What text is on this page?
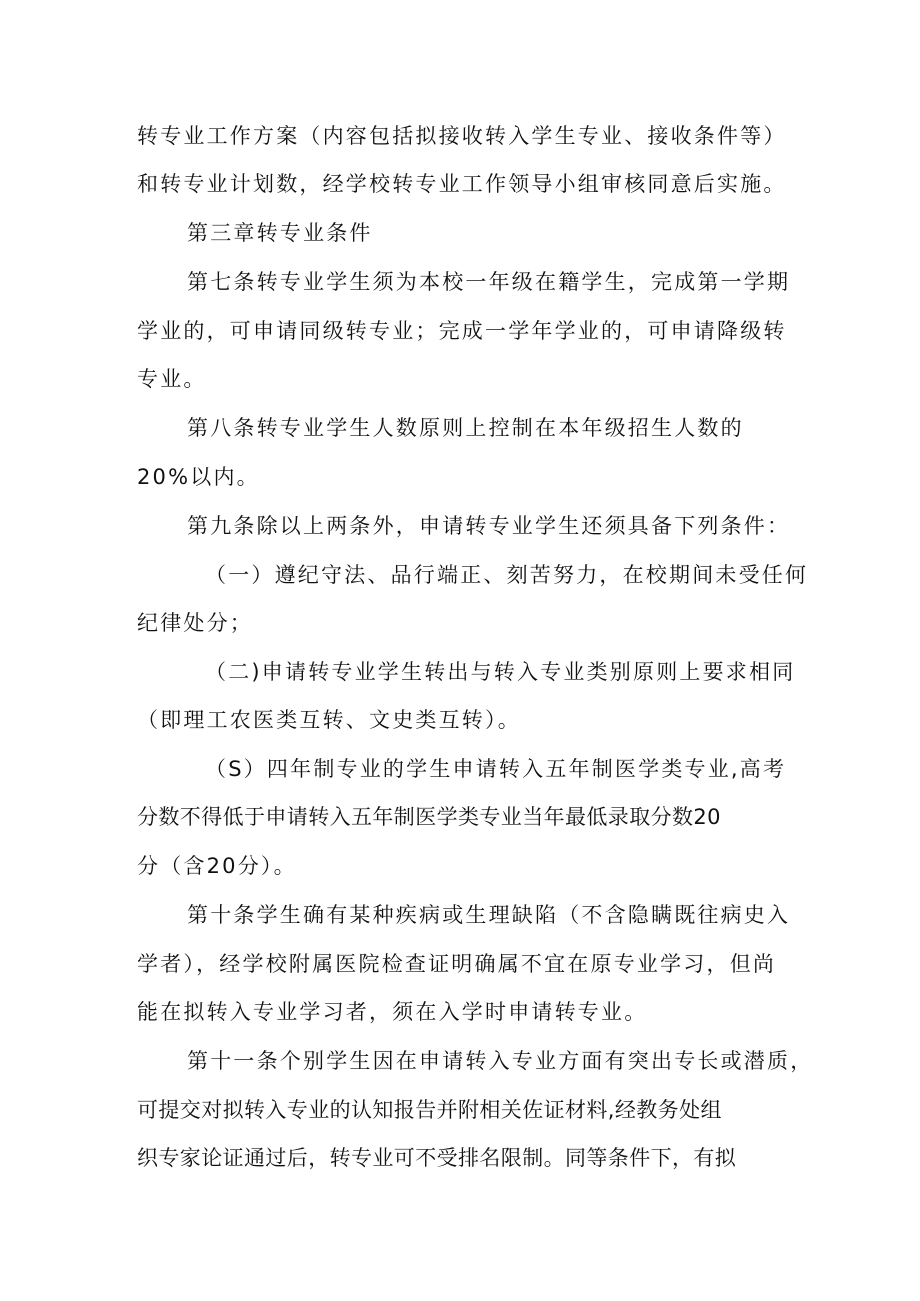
转专业工作方案（内容包括拟接收转入学生专业、接收条件等）
和转专业计划数，经学校转专业工作领导小组审核同意后实施。
第三章转专业条件
第七条转专业学生须为本校一年级在籍学生，完成第一学期
学业的，可申请同级转专业；完成一学年学业的，可申请降级转
专业。
第八条转专业学生人数原则上控制在本年级招生人数的
20%以内。
第九条除以上两条外，申请转专业学生还须具备下列条件：
（一）遵纪守法、品行端正、刻苦努力，在校期间未受任何
纪律处分；
（二)申请转专业学生转出与转入专业类别原则上要求相同
（即理工农医类互转、文史类互转）。
（S）四年制专业的学生申请转入五年制医学类专业,高考
分数不得低于申请转入五年制医学类专业当年最低录取分数20
分（含20分）。
第十条学生确有某种疾病或生理缺陷（不含隐瞒既往病史入
学者），经学校附属医院检查证明确属不宜在原专业学习，但尚
能在拟转入专业学习者，须在入学时申请转专业。
第十一条个别学生因在申请转入专业方面有突出专长或潜质，
可提交对拟转入专业的认知报告并附相关佐证材料,经教务处组
织专家论证通过后，转专业可不受排名限制。同等条件下，有拟
